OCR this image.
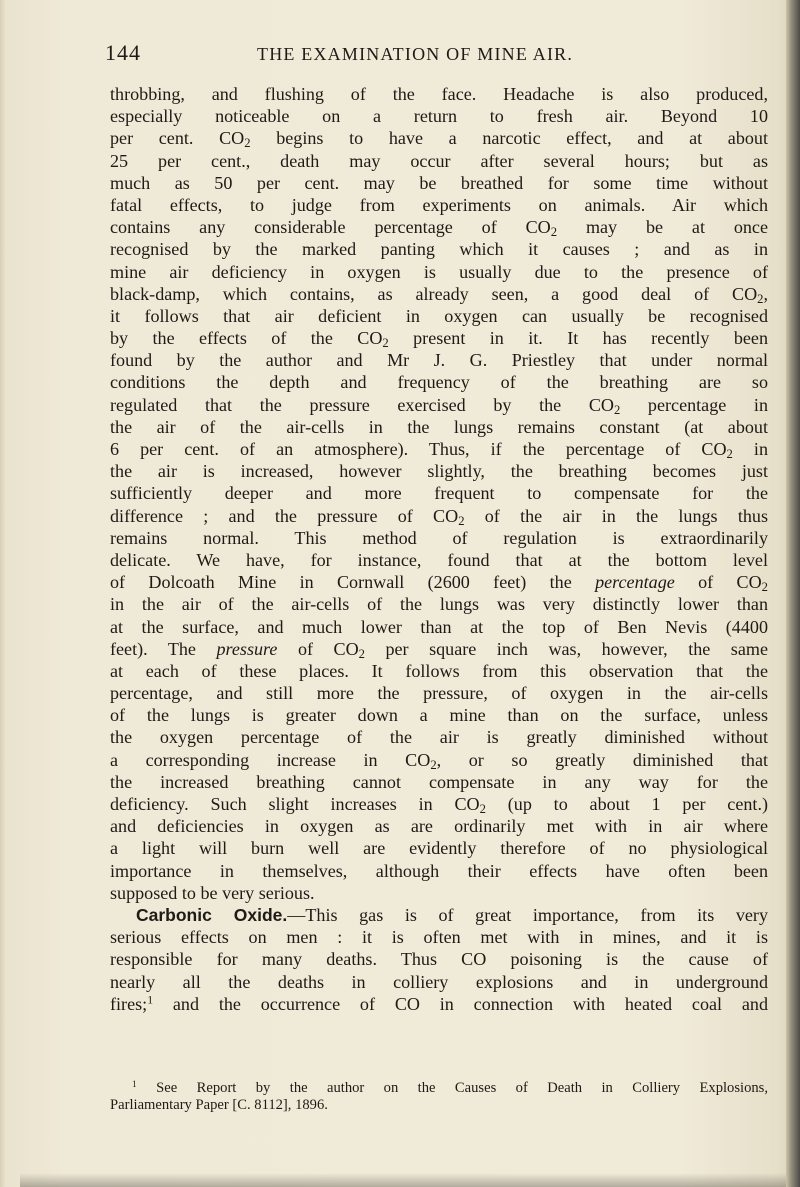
144	THE EXAMINATION OF MINE AIR.
throbbing, and flushing of the face. Headache is also produced,
especially noticeable on a return to fresh air. Beyond 10
per cent. $CO_2$ begins to have a narcotic effect, and at about
25 per cent., death may occur after several hours; but as
much as 50 per cent. may be breathed for some time without
fatal effects, to judge from experiments on animals. Air which
contains any considerable percentage of $CO_2$ may be at once
recognised by the marked panting which it causes ; and as in
mine air deficiency in oxygen is usually due to the presence of
black-damp, which contains, as already seen, a good deal of $CO_2$,
it follows that air deficient in oxygen can usually be recognised
by the effects of the $CO_2$ present in it. It has recently been
found by the author and Mr J. G. Priestley that under normal
conditions the depth and frequency of the breathing are so
regulated that the pressure exercised by the $CO_2$ percentage in
the air of the air-cells in the lungs remains constant (at about
6 per cent. of an atmosphere). Thus, if the percentage of $CO_2$ in
the air is increased, however slightly, the breathing becomes just
sufficiently deeper and more frequent to compensate for the
difference ; and the pressure of $CO_2$ of the air in the lungs thus
remains normal. This method of regulation is extraordinarily
delicate. We have, for instance, found that at the bottom level
of Dolcoath Mine in Cornwall (2600 feet) the percentage of $CO_2$
in the air of the air-cells of the lungs was very distinctly lower than
at the surface, and much lower than at the top of Ben Nevis (4400
feet). The pressure of $CO_2$ per square inch was, however, the same
at each of these places. It follows from this observation that the
percentage, and still more the pressure, of oxygen in the air-cells
of the lungs is greater down a mine than on the surface, unless
the oxygen percentage of the air is greatly diminished without
a corresponding increase in $CO_2$, or so greatly diminished that
the increased breathing cannot compensate in any way for the
deficiency. Such slight increases in $CO_2$ (up to about 1 per cent.)
and deficiencies in oxygen as are ordinarily met with in air where
a light will burn well are evidently therefore of no physiological
importance in themselves, although their effects have often been
supposed to be very serious.
Carbonic Oxide.—This gas is of great importance, from its very
serious effects on men : it is often met with in mines, and it is
responsible for many deaths. Thus CO poisoning is the cause of
nearly all the deaths in colliery explosions and in underground
fires;$^1$ and the occurrence of CO in connection with heated coal and
$^1$ See Report by the author on the Causes of Death in Colliery Explosions,
Parliamentary Paper [C. 8112], 1896.
